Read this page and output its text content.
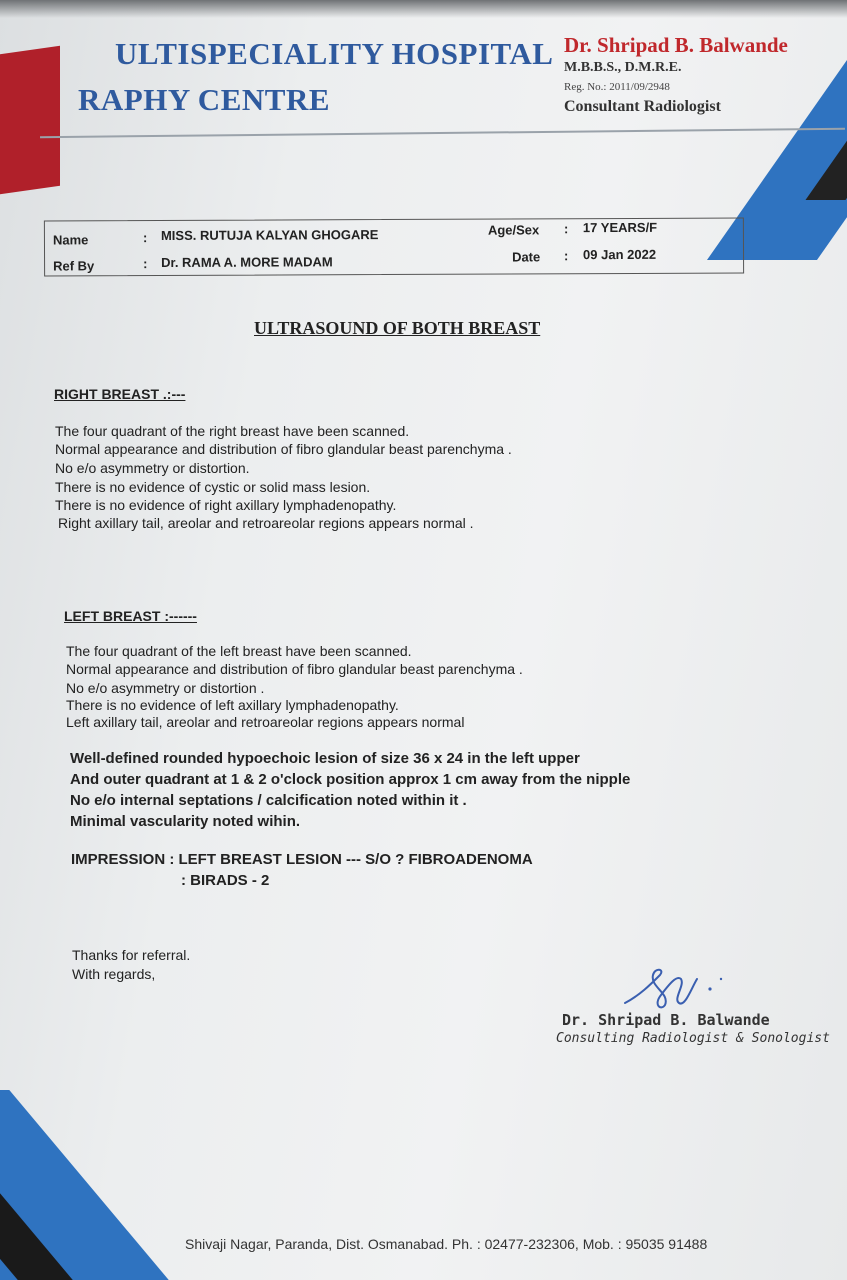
ULTISPECIALITY HOSPITAL
RAPHY CENTRE
Dr. Shripad B. Balwande
M.B.B.S., D.M.R.E.
Reg. No.: 2011/09/2948
Consultant Radiologist
Name	: MISS. RUTUJA KALYAN GHOGARE	Age/Sex : 17 YEARS/F
Ref By	: Dr. RAMA A. MORE MADAM	Date : 09 Jan 2022
ULTRASOUND OF BOTH BREAST
RIGHT BREAST .:---
The four quadrant of the right breast have been scanned.
Normal appearance and distribution of fibro glandular beast parenchyma .
No e/o asymmetry or distortion.
There is no evidence of cystic or solid mass lesion.
There is no evidence of right axillary lymphadenopathy.
Right axillary tail, areolar and retroareolar regions appears normal .
LEFT BREAST :------
The four quadrant of the left breast have been scanned.
Normal appearance and distribution of fibro glandular beast parenchyma .
No e/o asymmetry or distortion .
There is no evidence of left axillary lymphadenopathy.
Left axillary tail, areolar and retroareolar regions appears normal
Well-defined rounded hypoechoic lesion of size 36 x 24 in the left upper
And outer quadrant at 1 & 2 o'clock position approx 1 cm away from the nipple
No e/o internal septations / calcification noted within it .
Minimal vascularity noted wihin.
IMPRESSION : LEFT BREAST LESION --- S/O ? FIBROADENOMA
: BIRADS - 2
Thanks for referral.
With regards,
Dr. Shripad B. Balwande
Consulting Radiologist & Sonologist
Shivaji Nagar, Paranda, Dist. Osmanabad. Ph. : 02477-232306, Mob. : 95035 91488
